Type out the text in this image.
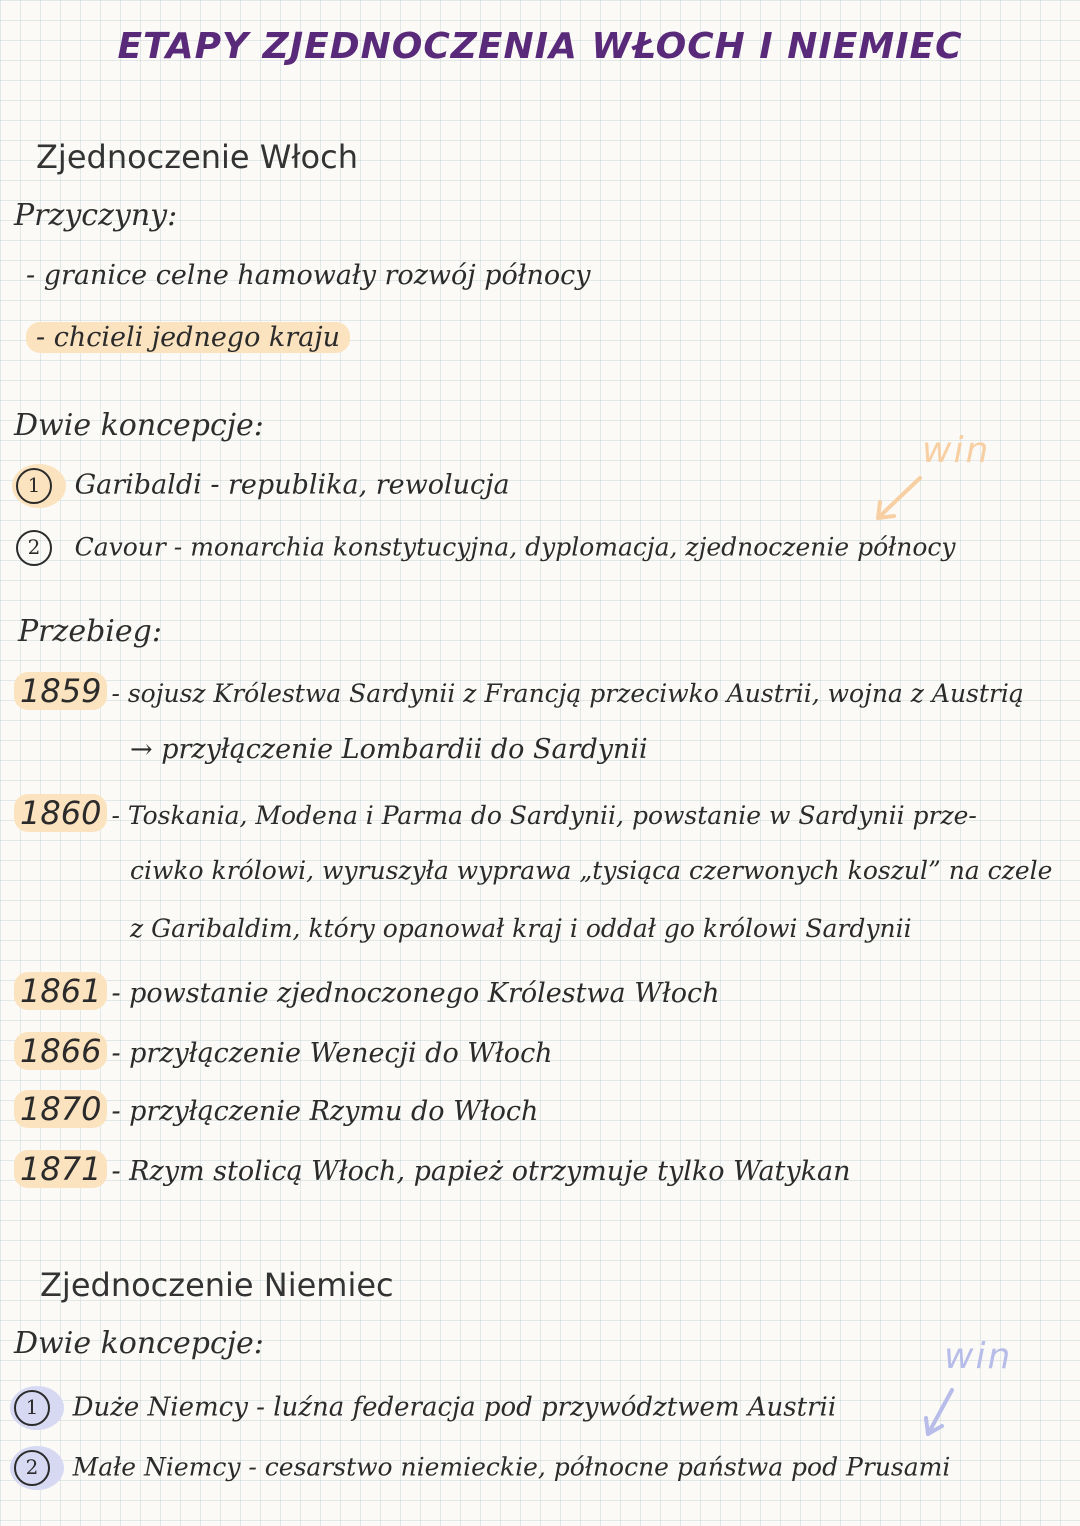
ETAPY ZJEDNOCZENIA WŁOCH I NIEMIEC
Zjednoczenie Włoch
Przyczyny:
- granice celne hamowały rozwój północy
- chcieli jednego kraju
Dwie koncepcje:
1 Garibaldi - republika, rewolucja
2 Cavour - monarchia konstytucyjna, dyplomacja, zjednoczenie północy
Przebieg:
1859 - sojusz Królestwa Sardynii z Francją przeciwko Austrii, wojna z Austrią
→ przyłączenie Lombardii do Sardynii
1860 - Toskania, Modena i Parma do Sardynii, powstanie w Sardynii prze-
ciwko królowi, wyruszyła wyprawa „tysiąca czerwonych koszul” na czele
z Garibaldim, który opanował kraj i oddał go królowi Sardynii
1861 - powstanie zjednoczonego Królestwa Włoch
1866 - przyłączenie Wenecji do Włoch
1870 - przyłączenie Rzymu do Włoch
1871 - Rzym stolicą Włoch, papież otrzymuje tylko Watykan
Zjednoczenie Niemiec
Dwie koncepcje:
1 Duże Niemcy - luźna federacja pod przywództwem Austrii
2 Małe Niemcy - cesarstwo niemieckie, północne państwa pod Prusami
win
win
